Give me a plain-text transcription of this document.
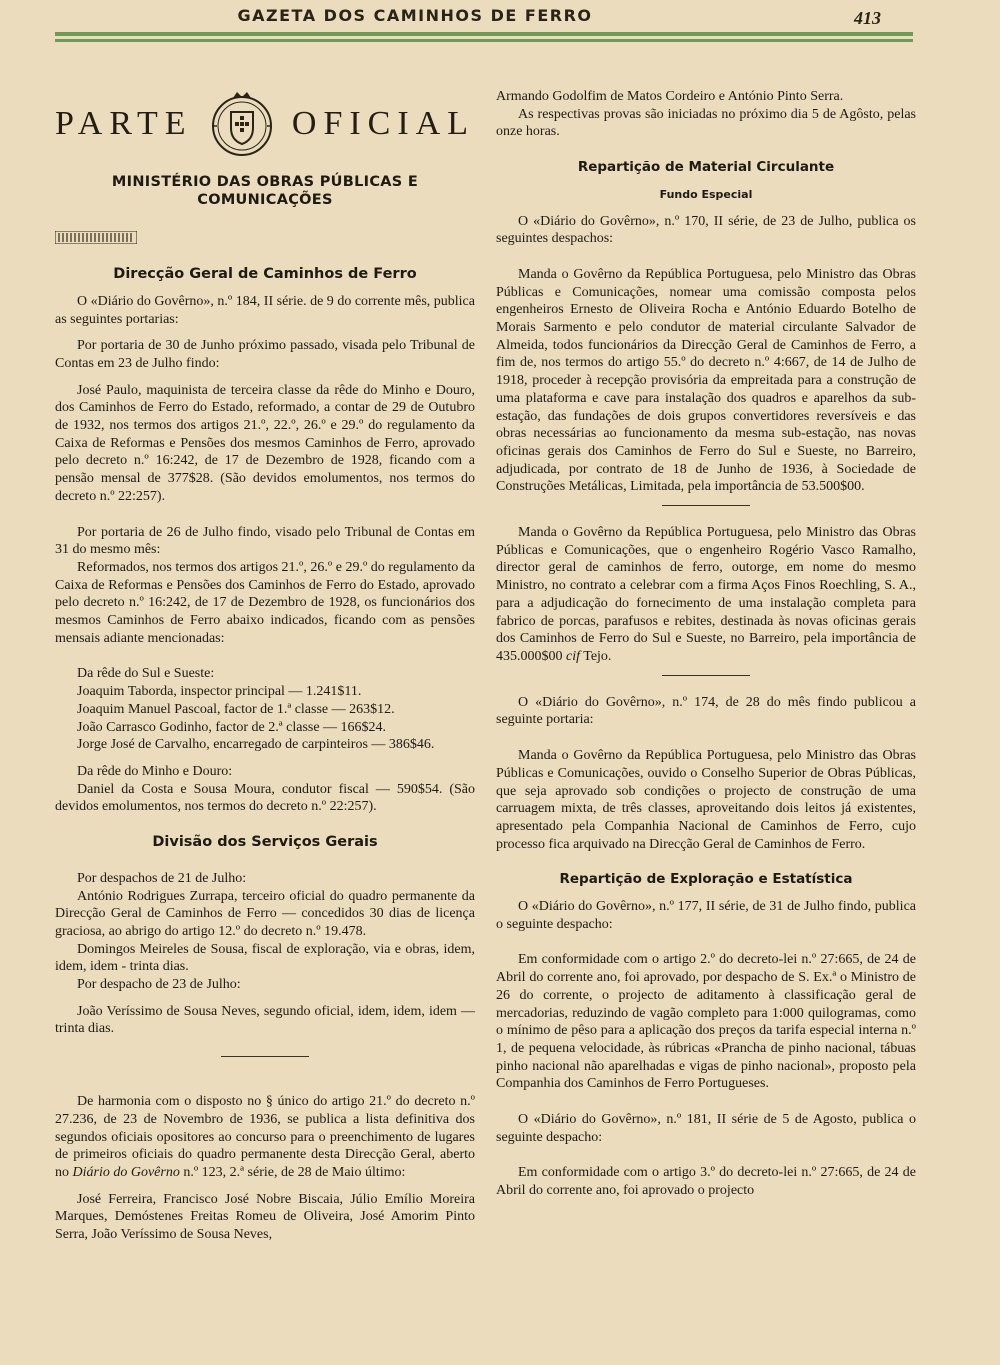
GAZETA DOS CAMINHOS DE FERRO	413
PARTE	OFICIAL
MINISTÉRIO DAS OBRAS PÚBLICAS E COMUNICAÇÕES
Direcção Geral de Caminhos de Ferro

O «Diário do Govêrno», n.º 184, II série. de 9 do corrente mês, publica as seguintes portarias:

Por portaria de 30 de Junho próximo passado, visada pelo Tribunal de Contas em 23 de Julho findo:

José Paulo, maquinista de terceira classe da rêde do Minho e Douro, dos Caminhos de Ferro do Estado, reformado, a contar de 29 de Outubro de 1932, nos termos dos artigos 21.º, 22.º, 26.º e 29.º do regulamento da Caixa de Reformas e Pensões dos mesmos Caminhos de Ferro, aprovado pelo decreto n.º 16:242, de 17 de Dezembro de 1928, ficando com a pensão mensal de 377$28. (São devidos emolumentos, nos termos do decreto n.º 22:257).

Por portaria de 26 de Julho findo, visado pelo Tribunal de Contas em 31 do mesmo mês:

Reformados, nos termos dos artigos 21.º, 26.º e 29.º do regulamento da Caixa de Reformas e Pensões dos Caminhos de Ferro do Estado, aprovado pelo decreto n.º 16:242, de 17 de Dezembro de 1928, os funcionários dos mesmos Caminhos de Ferro abaixo indicados, ficando com as pensões mensais adiante mencionadas:

Da rêde do Sul e Sueste:

Joaquim Taborda, inspector principal — 1.241$11.

Joaquim Manuel Pascoal, factor de 1.ª classe — 263$12.

João Carrasco Godinho, factor de 2.ª classe — 166$24.

Jorge José de Carvalho, encarregado de carpinteiros — 386$46.

Da rêde do Minho e Douro:

Daniel da Costa e Sousa Moura, condutor fiscal — 590$54. (São devidos emolumentos, nos termos do decreto n.º 22:257).

Divisão dos Serviços Gerais

Por despachos de 21 de Julho:

António Rodrigues Zurrapa, terceiro oficial do quadro permanente da Direcção Geral de Caminhos de Ferro — concedidos 30 dias de licença graciosa, ao abrigo do artigo 12.º do decreto n.º 19.478.

Domingos Meireles de Sousa, fiscal de exploração, via e obras, idem, idem, idem - trinta dias.

Por despacho de 23 de Julho:

João Veríssimo de Sousa Neves, segundo oficial, idem, idem, idem — trinta dias.

De harmonia com o disposto no § único do artigo 21.º do decreto n.º 27.236, de 23 de Novembro de 1936, se publica a lista definitiva dos segundos oficiais opositores ao concurso para o preenchimento de lugares de primeiros oficiais do quadro permanente desta Direcção Geral, aberto no Diário do Govêrno n.º 123, 2.ª série, de 28 de Maio último:

José Ferreira, Francisco José Nobre Biscaia, Júlio Emílio Moreira Marques, Demóstenes Freitas Romeu de Oliveira, José Amorim Pinto Serra, João Veríssimo de Sousa Neves,

Armando Godolfim de Matos Cordeiro e António Pinto Serra.

As respectivas provas são iniciadas no próximo dia 5 de Agôsto, pelas onze horas.

Repartição de Material Circulante
Fundo Especial

O «Diário do Govêrno», n.º 170, II série, de 23 de Julho, publica os seguintes despachos:

Manda o Govêrno da República Portuguesa, pelo Ministro das Obras Públicas e Comunicações, nomear uma comissão composta pelos engenheiros Ernesto de Oliveira Rocha e António Eduardo Botelho de Morais Sarmento e pelo condutor de material circulante Salvador de Almeida, todos funcionários da Direcção Geral de Caminhos de Ferro, a fim de, nos termos do artigo 55.º do decreto n.º 4:667, de 14 de Julho de 1918, proceder à recepção provisória da empreitada para a construção de uma plataforma e cave para instalação dos quadros e aparelhos da sub-estação, das fundações de dois grupos convertidores reversíveis e das obras necessárias ao funcionamento da mesma sub-estação, nas novas oficinas gerais dos Caminhos de Ferro do Sul e Sueste, no Barreiro, adjudicada, por contrato de 18 de Junho de 1936, à Sociedade de Construções Metálicas, Limitada, pela importância de 53.500$00.

Manda o Govêrno da República Portuguesa, pelo Ministro das Obras Públicas e Comunicações, que o engenheiro Rogério Vasco Ramalho, director geral de caminhos de ferro, outorge, em nome do mesmo Ministro, no contrato a celebrar com a firma Aços Finos Roechling, S. A., para a adjudicação do fornecimento de uma instalação completa para fabrico de porcas, parafusos e rebites, destinada às novas oficinas gerais dos Caminhos de Ferro do Sul e Sueste, no Barreiro, pela importância de 435.000$00 cif Tejo.

O «Diário do Govêrno», n.º 174, de 28 do mês findo publicou a seguinte portaria:

Manda o Govêrno da República Portuguesa, pelo Ministro das Obras Públicas e Comunicações, ouvido o Conselho Superior de Obras Públicas, que seja aprovado sob condições o projecto de construção de uma carruagem mixta, de três classes, aproveitando dois leitos já existentes, apresentado pela Companhia Nacional de Caminhos de Ferro, cujo processo fica arquivado na Direcção Geral de Caminhos de Ferro.

Repartição de Exploração e Estatística

O «Diário do Govêrno», n.º 177, II série, de 31 de Julho findo, publica o seguinte despacho:

Em conformidade com o artigo 2.º do decreto-lei n.º 27:665, de 24 de Abril do corrente ano, foi aprovado, por despacho de S. Ex.ª o Ministro de 26 do corrente, o projecto de aditamento à classificação geral de mercadorias, reduzindo de vagão completo para 1:000 quilogramas, como o mínimo de pêso para a aplicação dos preços da tarifa especial interna n.º 1, de pequena velocidade, às rúbricas «Prancha de pinho nacional, tábuas pinho nacional não aparelhadas e vigas de pinho nacional», proposto pela Companhia dos Caminhos de Ferro Portugueses.

O «Diário do Govêrno», n.º 181, II série de 5 de Agosto, publica o seguinte despacho:

Em conformidade com o artigo 3.º do decreto-lei n.º 27:665, de 24 de Abril do corrente ano, foi aprovado o projecto
